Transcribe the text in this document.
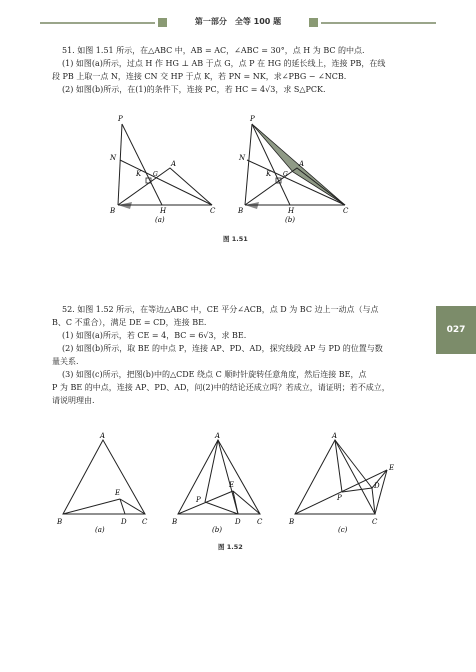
第一部分　全等 100 题

51. 如图 1.51 所示，在△ABC 中，AB = AC，∠ABC = 30°，点 H 为 BC 的中点.

(1) 如图(a)所示，过点 H 作 HG ⊥ AB 于点 G，点 P 在 HG 的延长线上，连接 PB，在线

段 PB 上取一点 N，连接 CN 交 HP 于点 K，若 PN = NK，求∠PBG − ∠NCB.

(2) 如图(b)所示，在(1)的条件下，连接 PC，若 HC = 4√3，求 S△PCK.

P
N
A
K G
B	H	C
(a)
P
N
A
K G
B	H	C
(b)
图 1.51

52. 如图 1.52 所示，在等边△ABC 中，CE 平分∠ACB，点 D 为 BC 边上一动点（与点

B、C 不重合），满足 DE = CD，连接 BE.

(1) 如图(a)所示，若 CE = 4，BC = 6√3，求 BE.

(2) 如图(b)所示，取 BE 的中点 P，连接 AP、PD、AD，探究线段 AP 与 PD 的位置与数

量关系.

(3) 如图(c)所示，把图(b)中的△CDE 绕点 C 顺时针旋转任意角度，然后连接 BE，点

P 为 BE 的中点，连接 AP、PD、AD，问(2)中的结论还成立吗？若成立，请证明；若不成立，

请说明理由.

A
E
B	D C
(a)
A
E
P
B	D C
(b)
A
E
D
P
B	C
(c)
图 1.52
027
